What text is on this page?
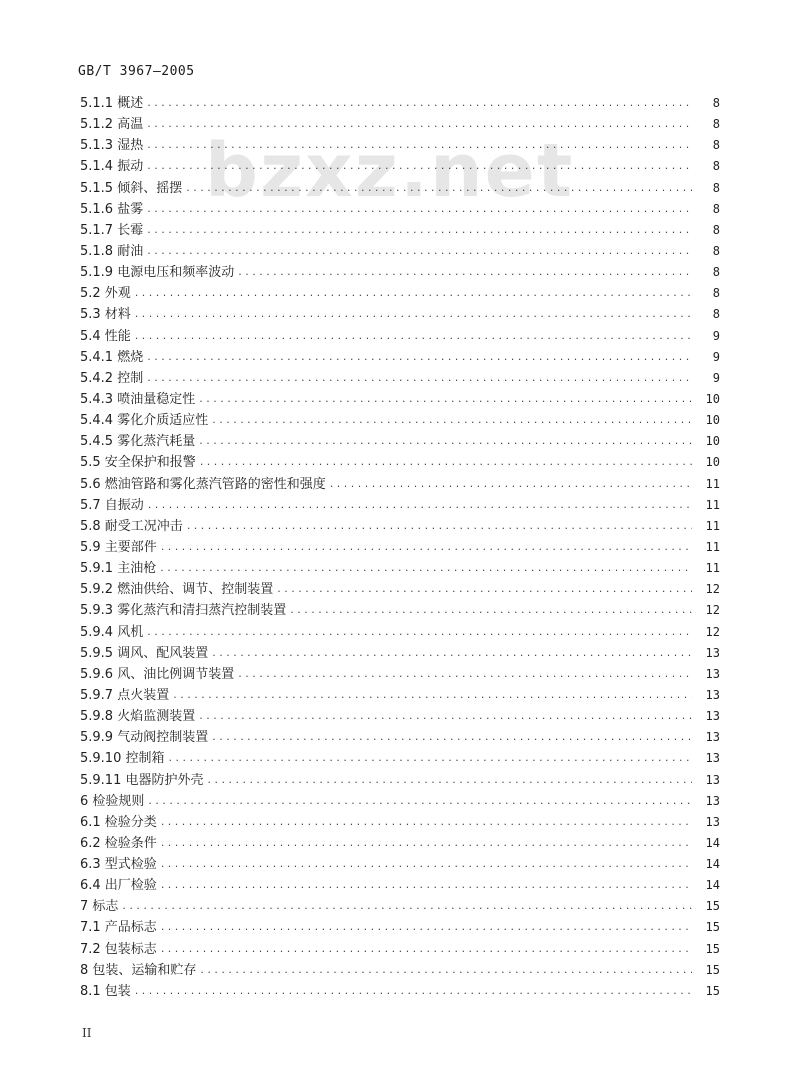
GB/T 3967—2005
bzxz.net
5.1.1 概述 . . .	8
5.1.2 高温 . . .	8
5.1.3 湿热 . . .	8
5.1.4 振动 . . .	8
5.1.5 倾斜、摇摆 . . .	8
5.1.6 盐雾 . . .	8
5.1.7 长霉 . . .	8
5.1.8 耐油 . . .	8
5.1.9 电源电压和频率波动 . . .	8
5.2 外观 . . .	8
5.3 材料 . . .	8
5.4 性能 . . .	9
5.4.1 燃烧 . . .	9
5.4.2 控制 . . .	9
5.4.3 喷油量稳定性 . . .	10
5.4.4 雾化介质适应性 . . .	10
5.4.5 雾化蒸汽耗量 . . .	10
5.5 安全保护和报警 . . .	10
5.6 燃油管路和雾化蒸汽管路的密性和强度 . . .	11
5.7 自振动 . . .	11
5.8 耐受工况冲击 . . .	11
5.9 主要部件 . . .	11
5.9.1 主油枪 . . .	11
5.9.2 燃油供给、调节、控制装置 . . .	12
5.9.3 雾化蒸汽和清扫蒸汽控制装置 . . .	12
5.9.4 风机 . . .	12
5.9.5 调风、配风装置 . . .	13
5.9.6 风、油比例调节装置 . . .	13
5.9.7 点火装置 . . .	13
5.9.8 火焰监测装置 . . .	13
5.9.9 气动阀控制装置 . . .	13
5.9.10 控制箱 . . .	13
5.9.11 电器防护外壳 . . .	13
6 检验规则 . . .	13
6.1 检验分类 . . .	13
6.2 检验条件 . . .	14
6.3 型式检验 . . .	14
6.4 出厂检验 . . .	14
7 标志 . . .	15
7.1 产品标志 . . .	15
7.2 包装标志 . . .	15
8 包装、运输和贮存 . . .	15
8.1 包装 . . .	15
II
